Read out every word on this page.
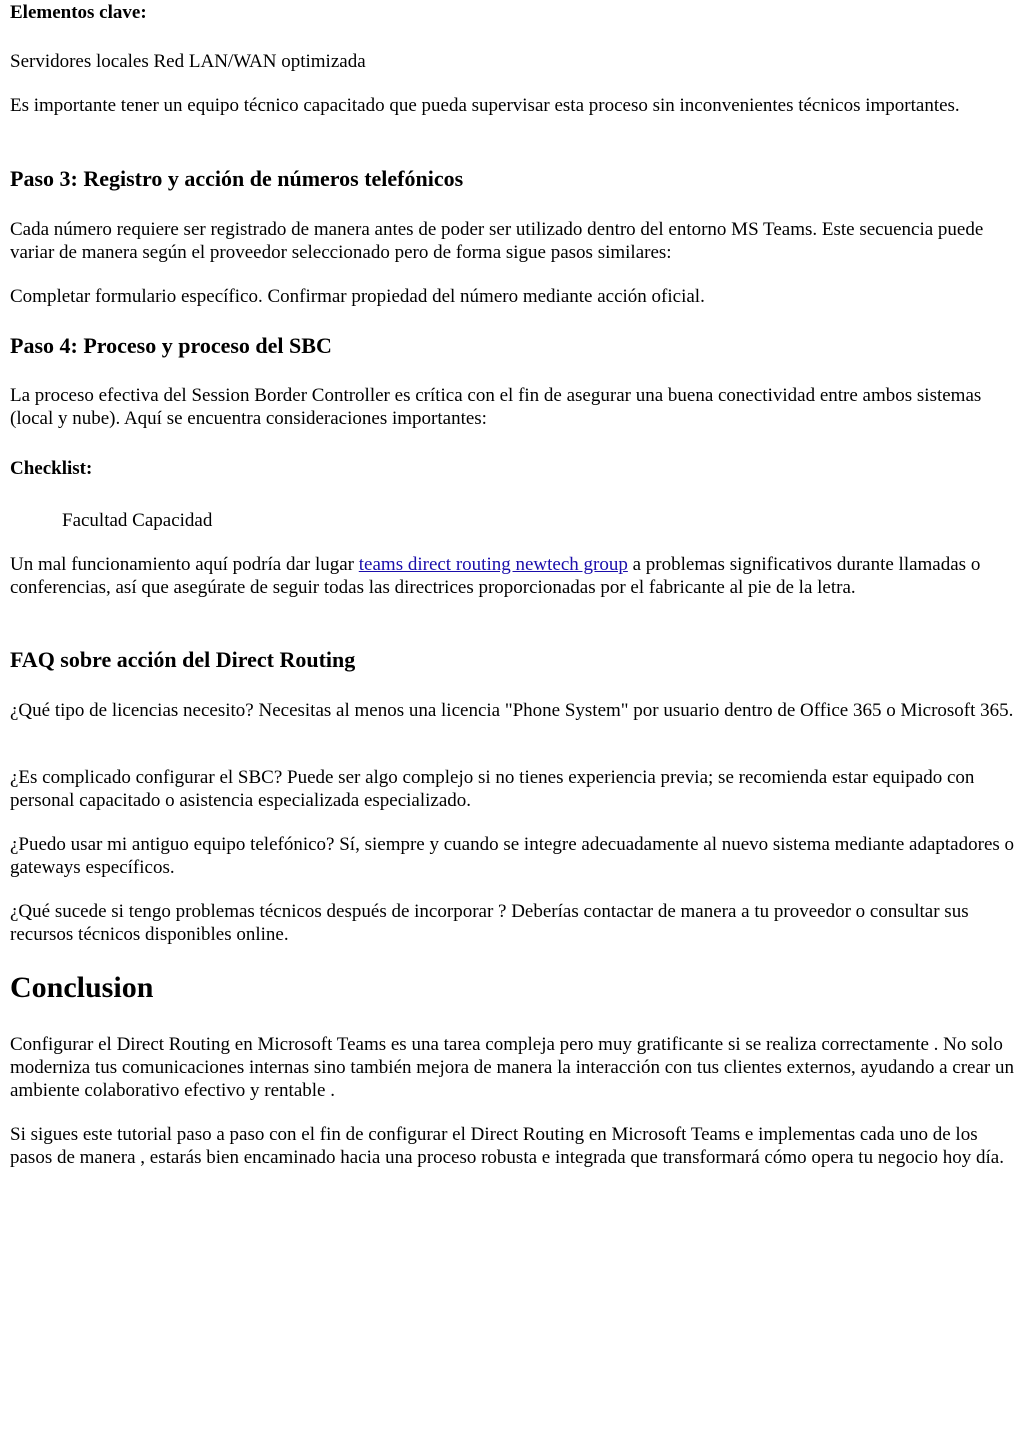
Elementos clave:

Servidores locales Red LAN/WAN optimizada

Es importante tener un equipo técnico capacitado que pueda supervisar esta proceso sin inconvenientes técnicos importantes.

Paso 3: Registro y acción de números telefónicos

Cada número requiere ser registrado de manera antes de poder ser utilizado dentro del entorno MS Teams. Este secuencia puede variar de manera según el proveedor seleccionado pero de forma sigue pasos similares:

Completar formulario específico. Confirmar propiedad del número mediante acción oficial.

Paso 4: Proceso y proceso del SBC

La proceso efectiva del Session Border Controller es crítica con el fin de asegurar una buena conectividad entre ambos sistemas (local y nube). Aquí se encuentra consideraciones importantes:

Checklist:

Facultad Capacidad

Un mal funcionamiento aquí podría dar lugar teams direct routing newtech group a problemas significativos durante llamadas o conferencias, así que asegúrate de seguir todas las directrices proporcionadas por el fabricante al pie de la letra.

FAQ sobre acción del Direct Routing

¿Qué tipo de licencias necesito? Necesitas al menos una licencia "Phone System" por usuario dentro de Office 365 o Microsoft 365.

¿Es complicado configurar el SBC? Puede ser algo complejo si no tienes experiencia previa; se recomienda estar equipado con personal capacitado o asistencia especializada especializado.

¿Puedo usar mi antiguo equipo telefónico? Sí, siempre y cuando se integre adecuadamente al nuevo sistema mediante adaptadores o gateways específicos.

¿Qué sucede si tengo problemas técnicos después de incorporar ? Deberías contactar de manera a tu proveedor o consultar sus recursos técnicos disponibles online.

Conclusion

Configurar el Direct Routing en Microsoft Teams es una tarea compleja pero muy gratificante si se realiza correctamente . No solo moderniza tus comunicaciones internas sino también mejora de manera la interacción con tus clientes externos, ayudando a crear un ambiente colaborativo efectivo y rentable .

Si sigues este tutorial paso a paso con el fin de configurar el Direct Routing en Microsoft Teams e implementas cada uno de los pasos de manera , estarás bien encaminado hacia una proceso robusta e integrada que transformará cómo opera tu negocio hoy día.
